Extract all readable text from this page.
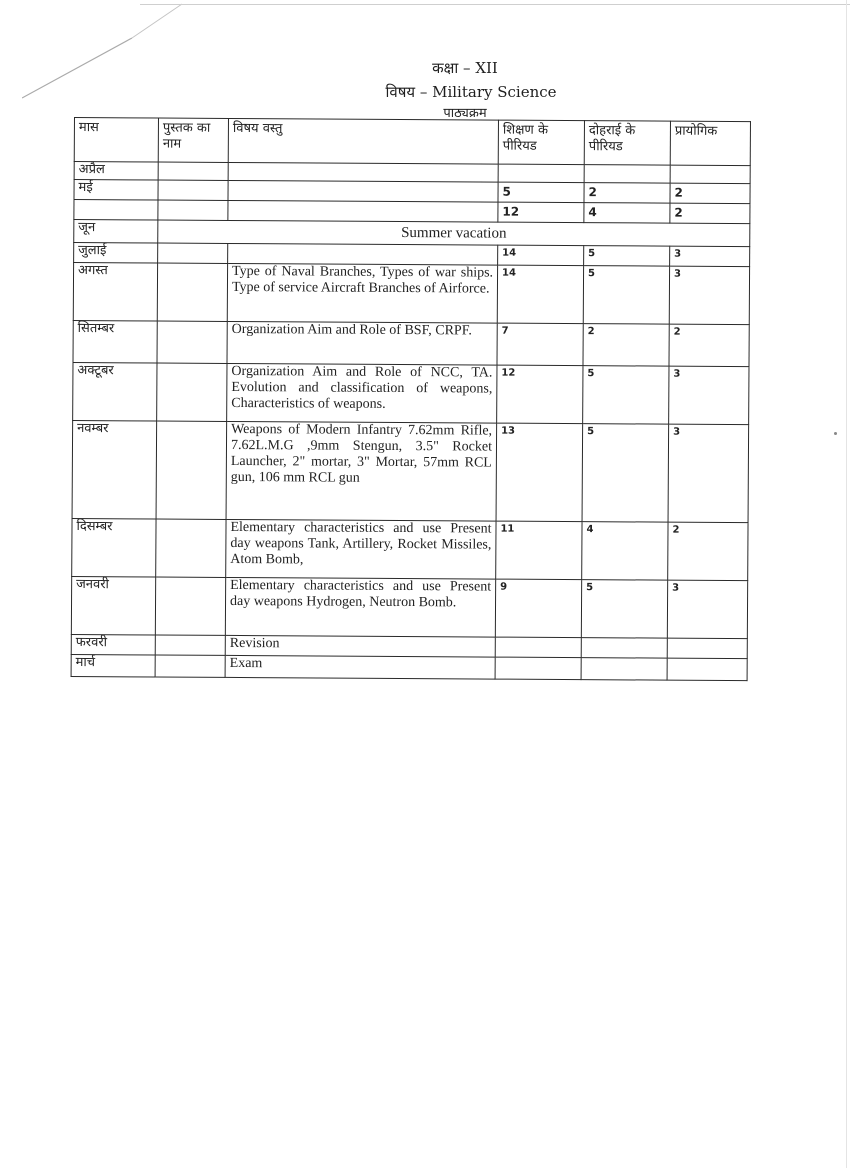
कक्षा – XII
विषय – Military Science
पाठ्यक्रम
मास	पुस्तक का नाम	विषय वस्तु	शिक्षण के पीरियड	दोहराई के पीरियड	प्रायोगिक
अप्रैल					
मई			5	2	2
			12	4	2
जून	Summer vacation				
जुलाई			14	5	3
अगस्त		Type of Naval Branches, Types of war ships. Type of service Aircraft Branches of Airforce.	14	5	3
सितम्बर		Organization Aim and Role of BSF, CRPF.	7	2	2
अक्टूबर		Organization Aim and Role of NCC, TA. Evolution and classification of weapons, Characteristics of weapons.	12	5	3
नवम्बर		Weapons of Modern Infantry 7.62mm Rifle, 7.62L.M.G ,9mm Stengun, 3.5" Rocket Launcher, 2" mortar, 3" Mortar, 57mm RCL gun, 106 mm RCL gun	13	5	3
दिसम्बर		Elementary characteristics and use Present day weapons Tank, Artillery, Rocket Missiles, Atom Bomb,	11	4	2
जनवरी		Elementary characteristics and use Present day weapons Hydrogen, Neutron Bomb.	9	5	3
फरवरी		Revision			
मार्च		Exam			
